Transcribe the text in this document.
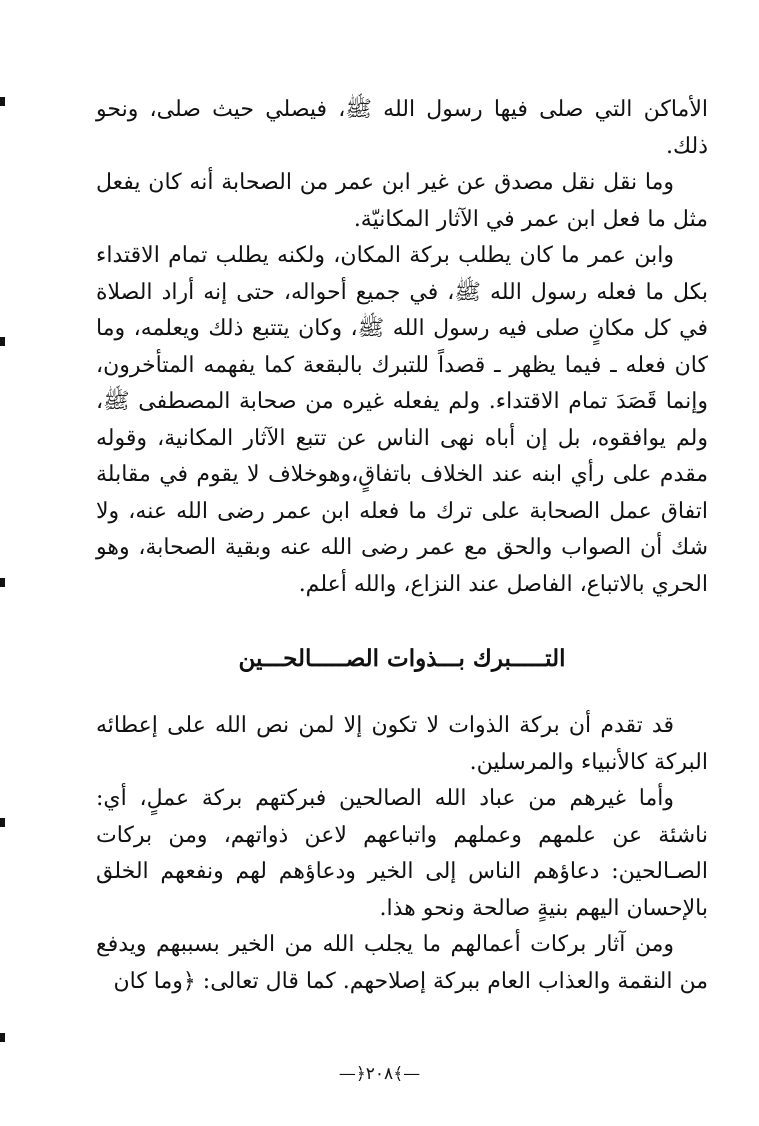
الأماكن التي صلى فيها رسول الله ﷺ، فيصلي حيث صلى، ونحو ذلك.

وما نقل نقل مصدق عن غير ابن عمر من الصحابة أنه كان يفعل مثل ما فعل ابن عمر في الآثار المكانيّة.

وابن عمر ما كان يطلب بركة المكان، ولكنه يطلب تمام الاقتداء بكل ما فعله رسول الله ﷺ، في جميع أحواله، حتى إنه أراد الصلاة في كل مكانٍ صلى فيه رسول الله ﷺ، وكان يتتبع ذلك ويعلمه، وما كان فعله ـ فيما يظهر ـ قصداً للتبرك بالبقعة كما يفهمه المتأخرون، وإنما قَصَدَ تمام الاقتداء. ولم يفعله غيره من صحابة المصطفى ﷺ، ولم يوافقوه، بل إن أباه نهى الناس عن تتبع الآثار المكانية، وقوله مقدم على رأي ابنه عند الخلاف باتفاقٍ،وهوخلاف لا يقوم في مقابلة اتفاق عمل الصحابة على ترك ما فعله ابن عمر رضى الله عنه، ولا شك أن الصواب والحق مع عمر رضى الله عنه وبقية الصحابة، وهو الحري بالاتباع، الفاصل عند النزاع، والله أعلم.

التـــــبرك بـــذوات الصـــــالحـــين

قد تقدم أن بركة الذوات لا تكون إلا لمن نص الله على إعطائه البركة كالأنبياء والمرسلين.

وأما غيرهم من عباد الله الصالحين فبركتهم بركة عملٍ، أي: ناشئة عن علمهم وعملهم واتباعهم لاعن ذواتهم، ومن بركات الصـالحين: دعاؤهم الناس إلى الخير ودعاؤهم لهم ونفعهم الخلق بالإحسان اليهم بنيةٍ صالحة ونحو هذا.

ومن آثار بركات أعمالهم ما يجلب الله من الخير بسببهم ويدفع من النقمة والعذاب العام ببركة إصلاحهم. كما قال تعالى: ﴿وما كان

—﴿٢٠٨﴾—
